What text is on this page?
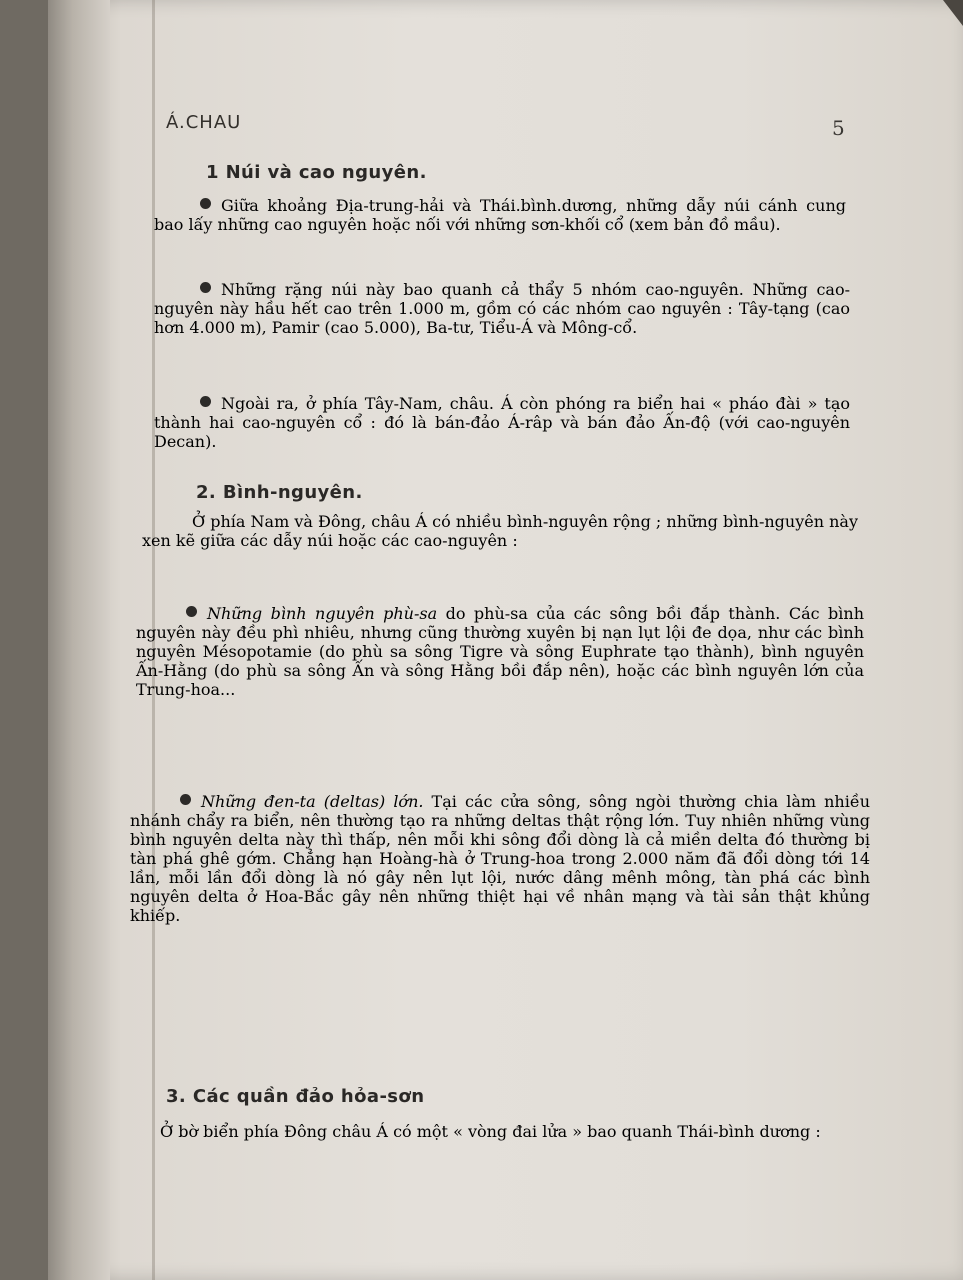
Á.CHAU	5
1 Núi và cao nguyên.

Giữa khoảng Địa-trung-hải và Thái.bình.dương, những dẫy núi cánh cung bao lấy những cao nguyên hoặc nối với những sơn-khối cổ (xem bản đồ mầu).

Những rặng núi này bao quanh cả thẩy 5 nhóm cao-nguyên. Những cao-nguyên này hầu hết cao trên 1.000 m, gồm có các nhóm cao nguyên : Tây-tạng (cao hơn 4.000 m), Pamir (cao 5.000), Ba-tư, Tiểu-Á và Mông-cổ.

Ngoài ra, ở phía Tây-Nam, châu. Á còn phóng ra biển hai « pháo đài » tạo thành hai cao-nguyên cổ : đó là bán-đảo Á-râp và bán đảo Ấn-độ (với cao-nguyên Decan).

2. Bình-nguyên.

Ở phía Nam và Đông, châu Á có nhiều bình-nguyên rộng ; những bình-nguyên này xen kẽ giữa các dẫy núi hoặc các cao-nguyên :

Những bình nguyên phù-sa do phù-sa của các sông bồi đắp thành. Các bình nguyên này đều phì nhiêu, nhưng cũng thường xuyên bị nạn lụt lội đe dọa, như các bình nguyên Mésopotamie (do phù sa sông Tigre và sông Euphrate tạo thành), bình nguyên Ấn-Hằng (do phù sa sông Ấn và sông Hằng bồi đắp nên), hoặc các bình nguyên lớn của Trung-hoa...

Những đen-ta (deltas) lớn. Tại các cửa sông, sông ngòi thường chia làm nhiều nhánh chẩy ra biển, nên thường tạo ra những deltas thật rộng lớn. Tuy nhiên những vùng bình nguyên delta này thì thấp, nên mỗi khi sông đổi dòng là cả miền delta đó thường bị tàn phá ghê gớm. Chẳng hạn Hoàng-hà ở Trung-hoa trong 2.000 năm đã đổi dòng tới 14 lần, mỗi lần đổi dòng là nó gây nên lụt lội, nước dâng mênh mông, tàn phá các bình nguyên delta ở Hoa-Bắc gây nên những thiệt hại về nhân mạng và tài sản thật khủng khiếp.

3. Các quần đảo hỏa-sơn

Ở bờ biển phía Đông châu Á có một « vòng đai lửa » bao quanh Thái-bình dương :
